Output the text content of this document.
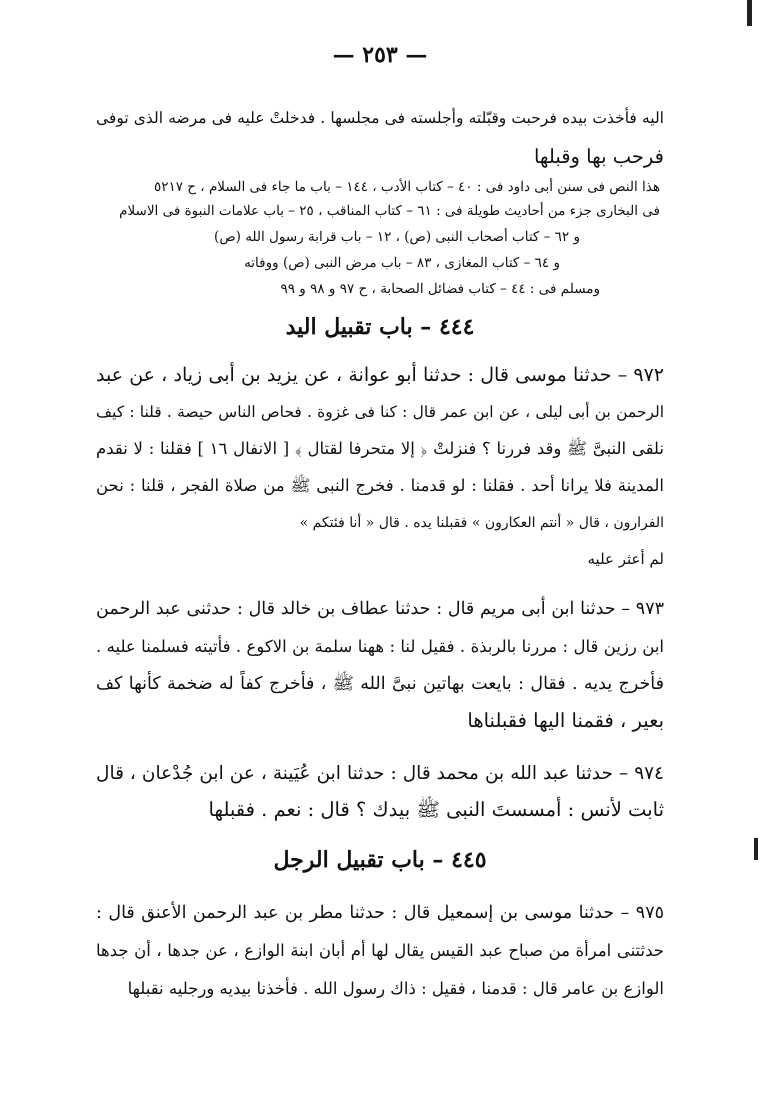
— ٢٥٣ —
اليه فأخذت بيده فرحبت وقبّلته وأجلسته فى مجلسها . فدخلتْ عليه فى مرضه الذى توفى
فرحب بها وقبلها
هذا النص فى سنن أبى داود فى : ٤٠ – كتاب الأدب ، ١٤٤ – باب ما جاء فى السلام ، ح ٥٢١٧
فى البخارى جزء من أحاديث طويلة فى : ٦١ – كتاب المناقب ، ٢٥ – باب علامات النبوة فى الاسلام
و ٦٢ – كتاب أصحاب النبى (ص) ، ١٢ – باب قرابة رسول الله (ص)
و ٦٤ – كتاب المغازى ، ٨٣ – باب مرض النبى (ص) ووفاته
ومسلم فى : ٤٤ – كتاب فضائل الصحابة ، ح ٩٧ و ٩٨ و ٩٩
٤٤٤ – باب تقبيل اليد
٩٧٢ – حدثنا موسى قال : حدثنا أبو عوانة ، عن يزيد بن أبى زياد ، عن عبد
الرحمن بن أبى ليلى ، عن ابن عمر قال : كنا فى غزوة . فحاص الناس حيصة . قلنا : كيف
نلقى النبىَّ ﷺ وقد فررنا ؟ فنزلتْ ﴿ إلا متحرفا لقتال ﴾ [ الانفال ١٦ ] فقلنا : لا نقدم
المدينة فلا يرانا أحد . فقلنا : لو قدمنا . فخرج النبى ﷺ من صلاة الفجر ، قلنا : نحن
الفرارون ، قال « أنتم العكارون » فقبلنا يده . قال « أنا فئتكم »
لم أعثر عليه
٩٧٣ – حدثنا ابن أبى مريم قال : حدثنا عطاف بن خالد قال : حدثنى عبد الرحمن
ابن رزين قال : مررنا بالربذة . فقيل لنا : ههنا سلمة بن الاكوع . فأتيته فسلمنا عليه .
فأخرج يديه . فقال : بايعت بهاتين نبىَّ الله ﷺ ، فأخرج كفاً له ضخمة كأنها كف
بعير ، فقمنا اليها فقبلناها
٩٧٤ – حدثنا عبد الله بن محمد قال : حدثنا ابن عُيَينة ، عن ابن جُدْعان ، قال
ثابت لأنس : أمسستَ النبى ﷺ بيدك ؟ قال : نعم . فقبلها
٤٤٥ – باب تقبيل الرجل
٩٧٥ – حدثنا موسى بن إسمعيل قال : حدثنا مطر بن عبد الرحمن الأعنق قال :
حدثتنى امرأة من صباح عبد القيس يقال لها أم أبان ابنة الوازع ، عن جدها ، أن جدها
الوازع بن عامر قال : قدمنا ، فقيل : ذاك رسول الله . فأخذنا بيديه ورجليه نقبلها
